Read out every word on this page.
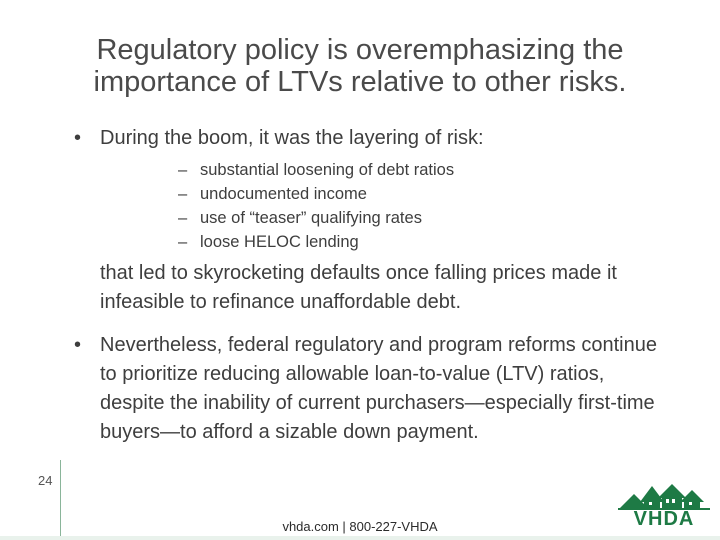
Regulatory policy is overemphasizing the importance of LTVs relative to other risks.
• During the boom, it was the layering of risk:
– substantial loosening of debt ratios
– undocumented income
– use of “teaser” qualifying rates
– loose HELOC lending
that led to skyrocketing defaults once falling prices made it infeasible to refinance unaffordable debt.
• Nevertheless, federal regulatory and program reforms continue to prioritize reducing allowable loan-to-value (LTV) ratios, despite the inability of current purchasers—especially first-time buyers—to afford a sizable down payment.
24
vhda.com | 800-227-VHDA	VHDA
